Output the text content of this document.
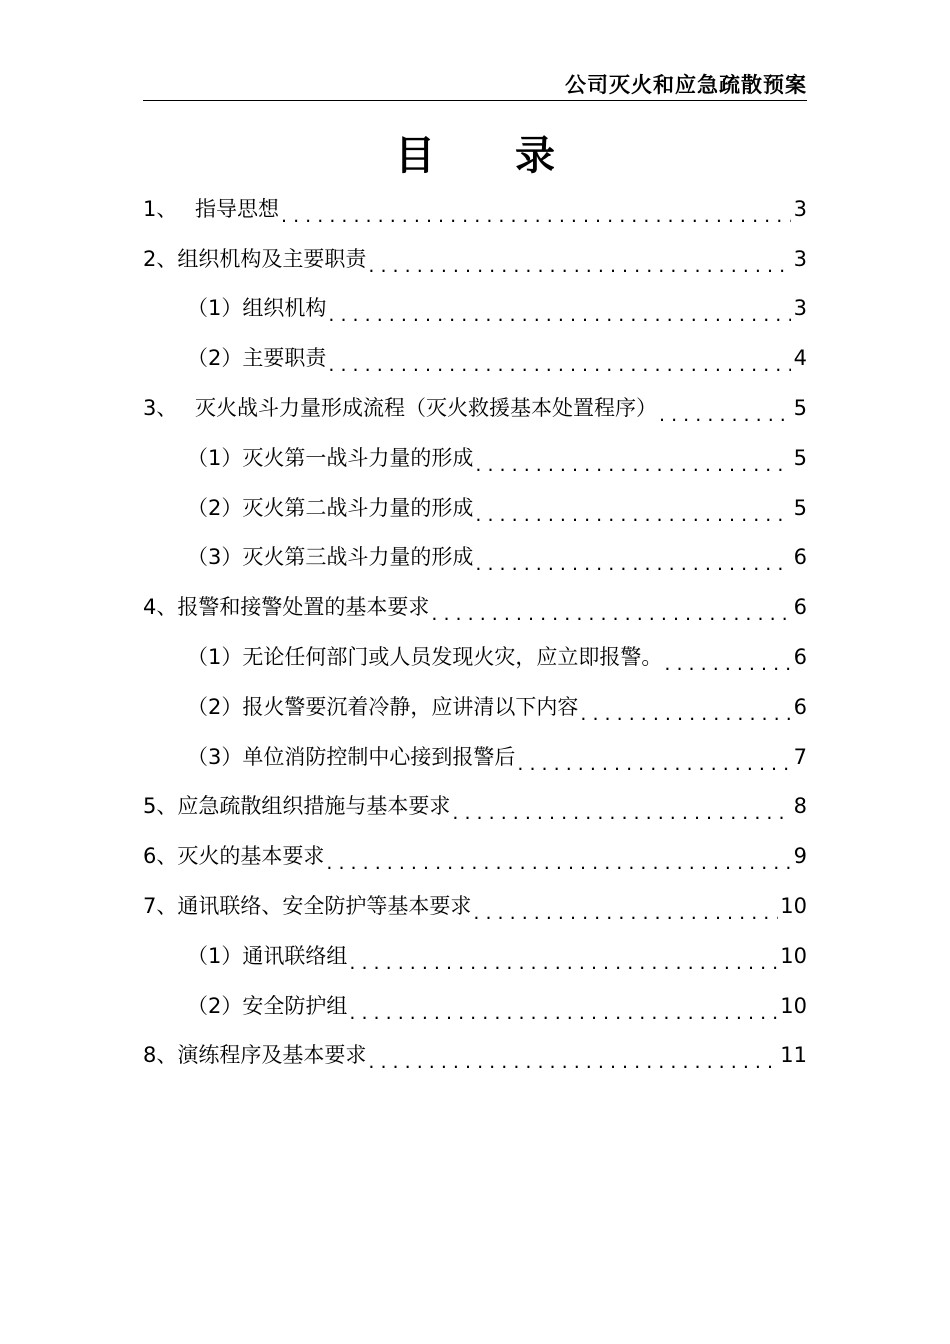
公司灭火和应急疏散预案
目 录
1、 指导思想 . . .	3
2、 组织机构及主要职责 . . .	3
（1） 组织机构 . . .	3
（2） 主要职责 . . .	4
3、 灭火战斗力量形成流程（灭火救援基本处置程序） . . .	5
（1） 灭火第一战斗力量的形成 . . .	5
（2） 灭火第二战斗力量的形成 . . .	5
（3） 灭火第三战斗力量的形成 . . .	6
4、 报警和接警处置的基本要求 . . .	6
（1） 无论任何部门或人员发现火灾，应立即报警。 . . .	6
（2） 报火警要沉着冷静，应讲清以下内容 . . .	6
（3） 单位消防控制中心接到报警后 . . .	7
5、 应急疏散组织措施与基本要求 . . .	8
6、 灭火的基本要求 . . .	9
7、 通讯联络、安全防护等基本要求 . . .	10
（1） 通讯联络组 . . .	10
（2） 安全防护组 . . .	10
8、 演练程序及基本要求 . . .	11
